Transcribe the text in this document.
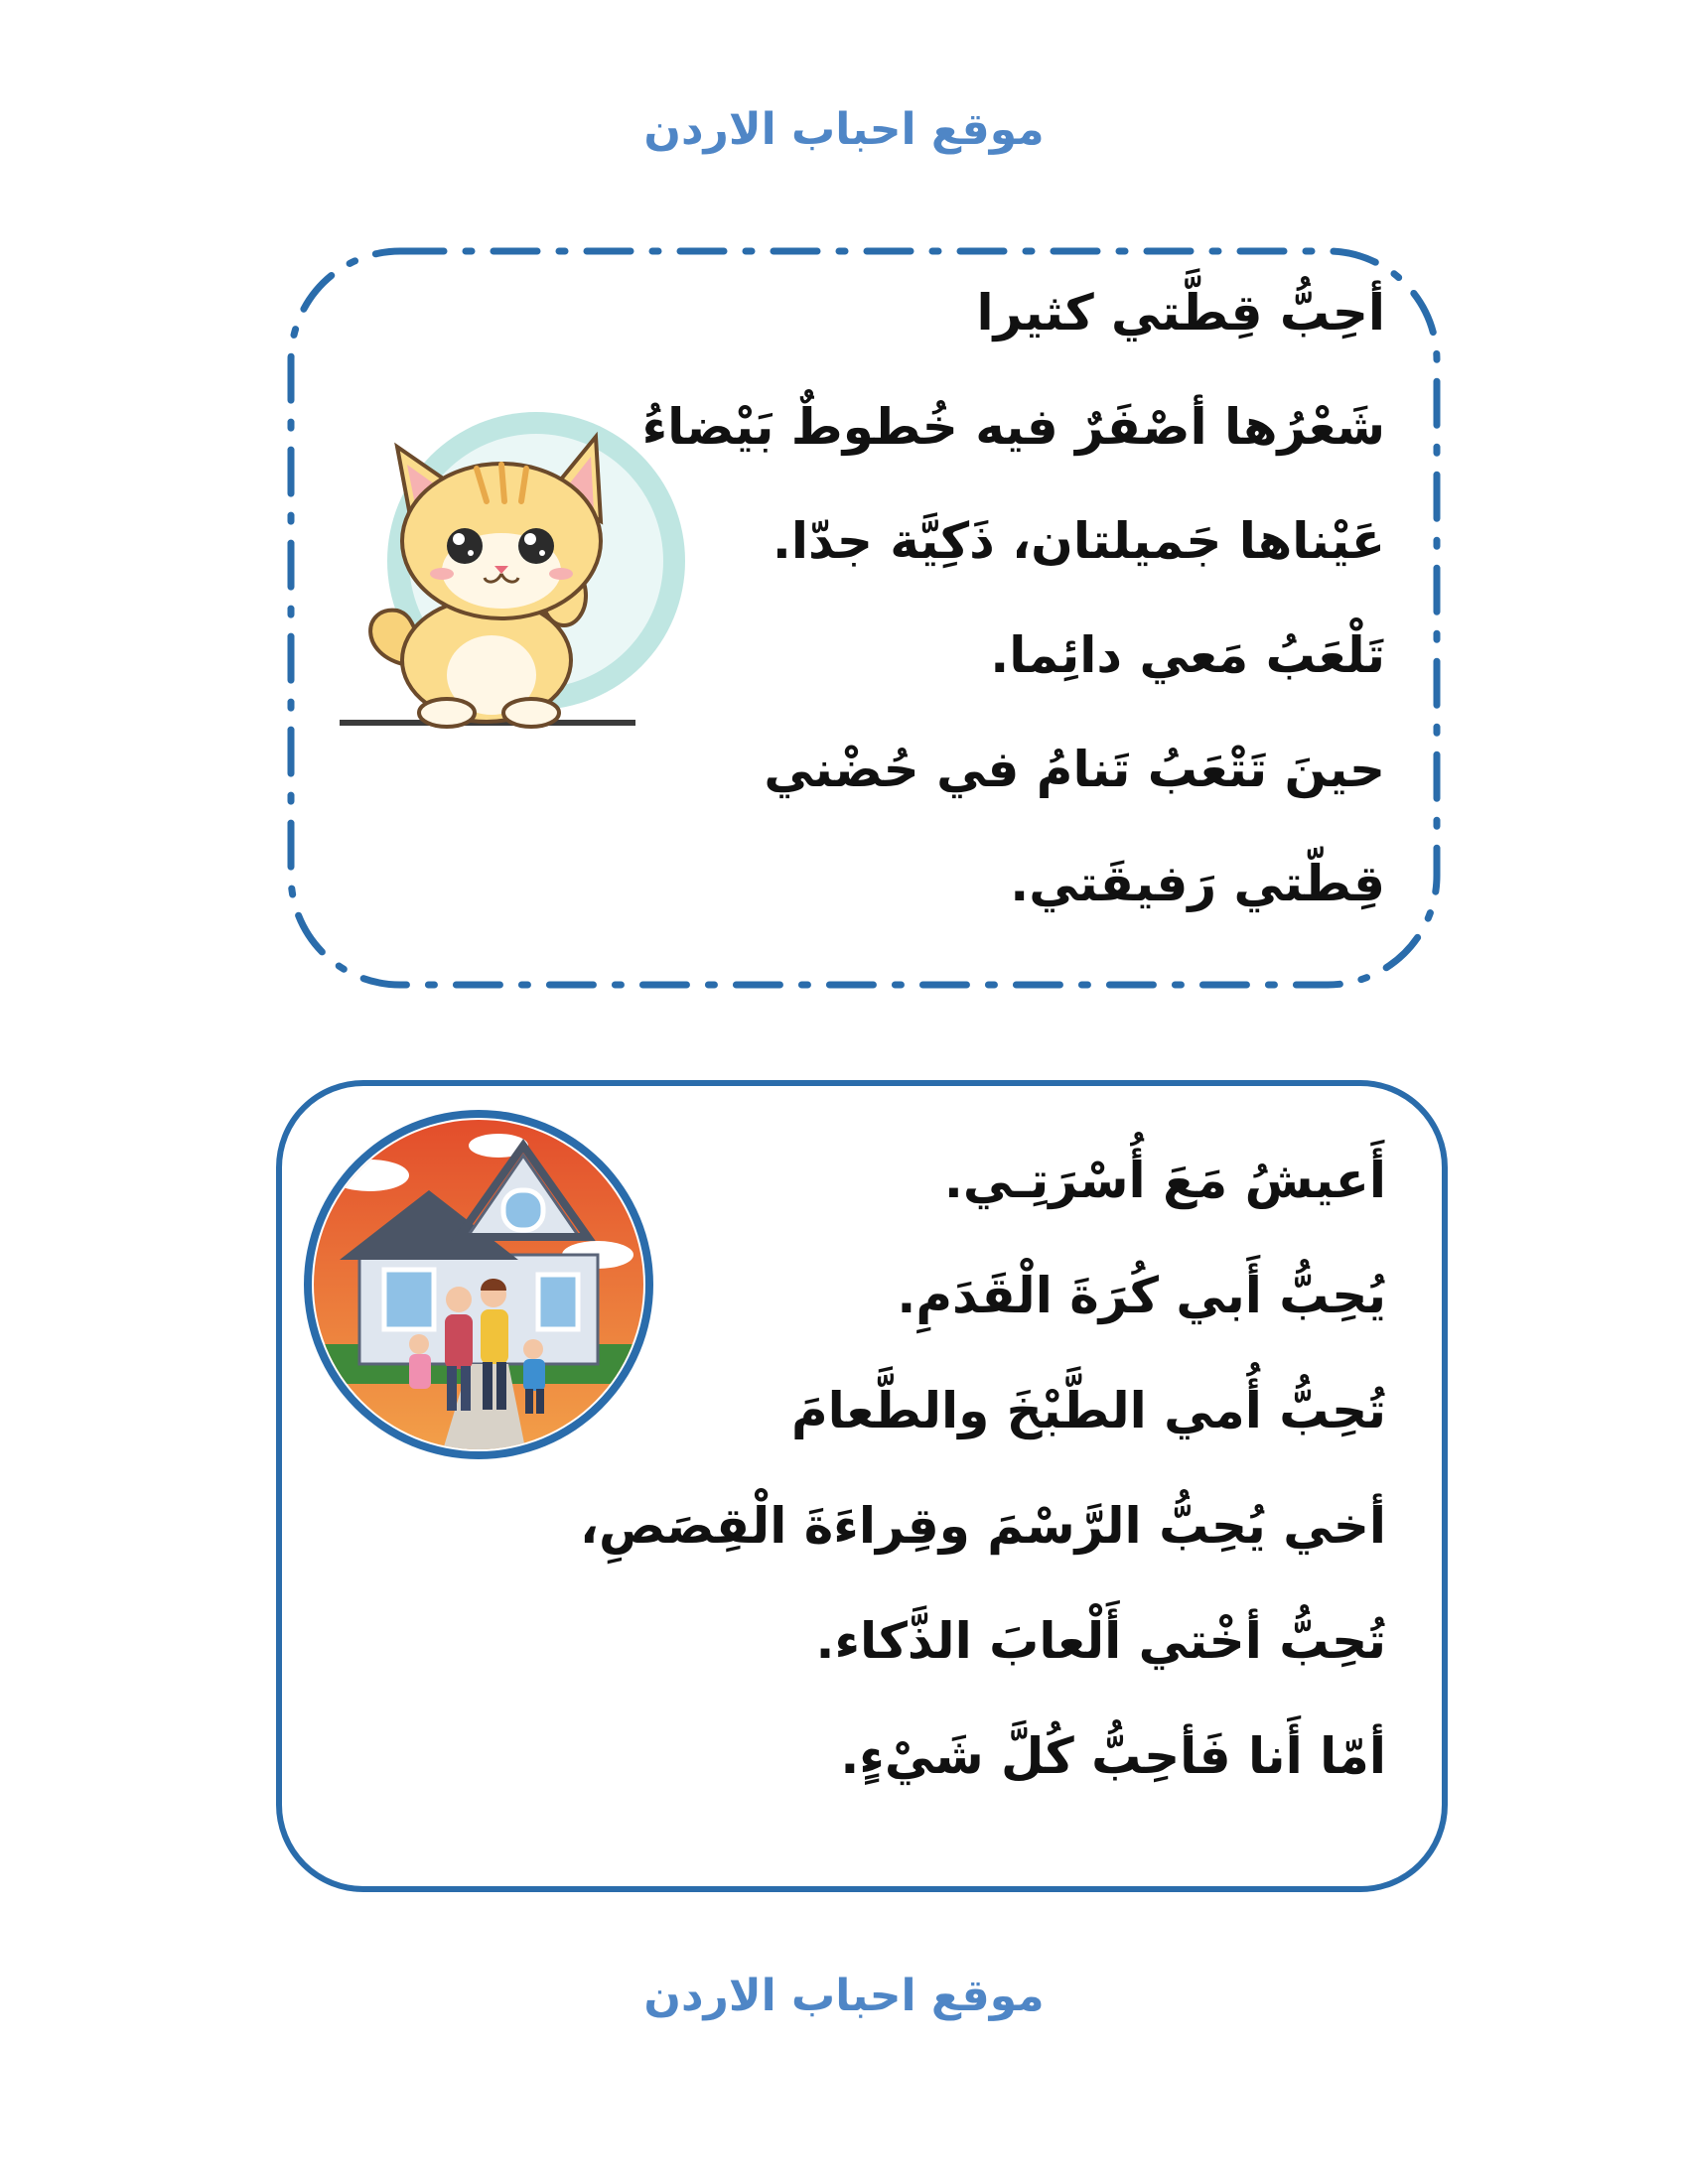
موقع احباب الاردن
أحِبُّ قِطَّتي كثيرا
شَعْرُها أصْفَرٌ فيه خُطوطٌ بَيْضاءُ
عَيْناها جَميلتان، ذَكِيَّة جدّا.
تَلْعَبُ مَعي دائِما.
حينَ تَتْعَبُ تَنامُ في حُضْني
قِطّتي رَفيقَتي.
أَعيشُ مَعَ أُسْرَتِـي.
يُحِبُّ أَبي كُرَةَ الْقَدَمِ.
تُحِبُّ أُمي الطَّبْخَ والطَّعامَ
أخي يُحِبُّ الرَّسْمَ وقِراءَةَ الْقِصَصِ،
تُحِبُّ أخْتي أَلْعابَ الذَّكاء.
أمّا أَنا فَأحِبُّ كُلَّ شَيْءٍ.
موقع احباب الاردن
